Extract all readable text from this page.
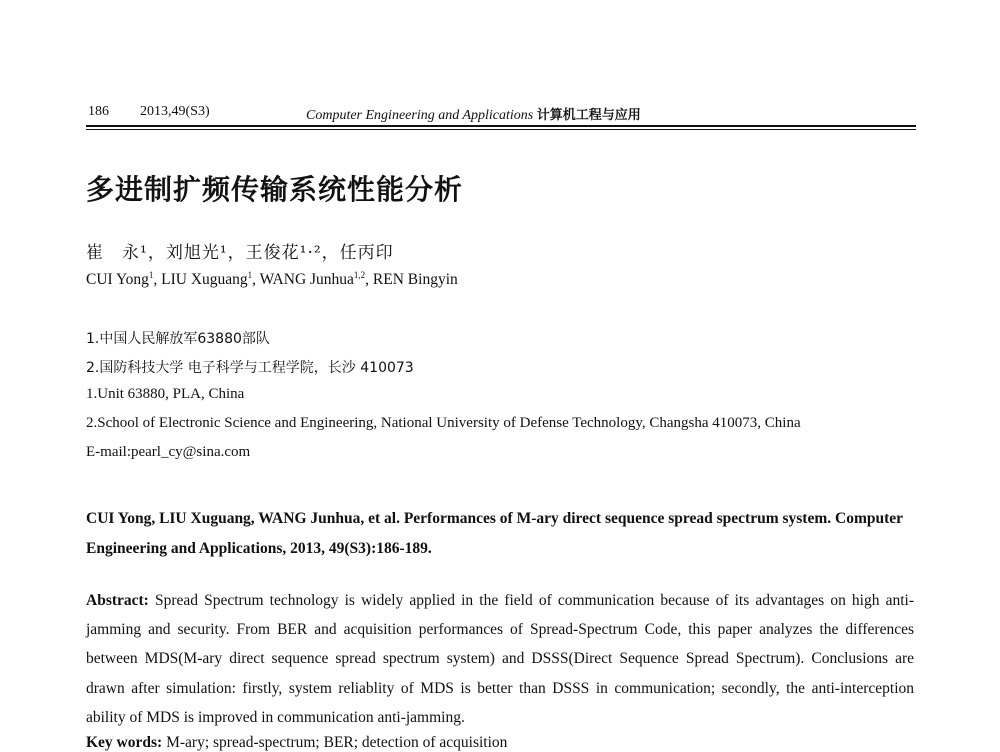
186 2013,49(S3)	Computer Engineering and Applications 计算机工程与应用
多进制扩频传输系统性能分析
崔　永¹，刘旭光¹，王俊花¹·²，任丙印
CUI Yong$^1$, LIU Xuguang$^1$, WANG Junhua$^{1,2}$, REN Bingyin
1.中国人民解放军63880部队
2.国防科技大学 电子科学与工程学院，长沙 410073
1.Unit 63880, PLA, China
2.School of Electronic Science and Engineering, National University of Defense Technology, Changsha 410073, China
E-mail:pearl_cy@sina.com
CUI Yong, LIU Xuguang, WANG Junhua, et al. Performances of M-ary direct sequence spread spectrum system. Computer Engineering and Applications, 2013, 49(S3):186-189.
Abstract: Spread Spectrum technology is widely applied in the field of communication because of its advantages on high anti-jamming and security. From BER and acquisition performances of Spread-Spectrum Code, this paper analyzes the differences between MDS(M-ary direct sequence spread spectrum system) and DSSS(Direct Sequence Spread Spectrum). Conclusions are drawn after simulation: firstly, system reliablity of MDS is better than DSSS in communication; secondly, the anti-interception ability of MDS is improved in communication anti-jamming.
Key words: M-ary; spread-spectrum; BER; detection of acquisition
